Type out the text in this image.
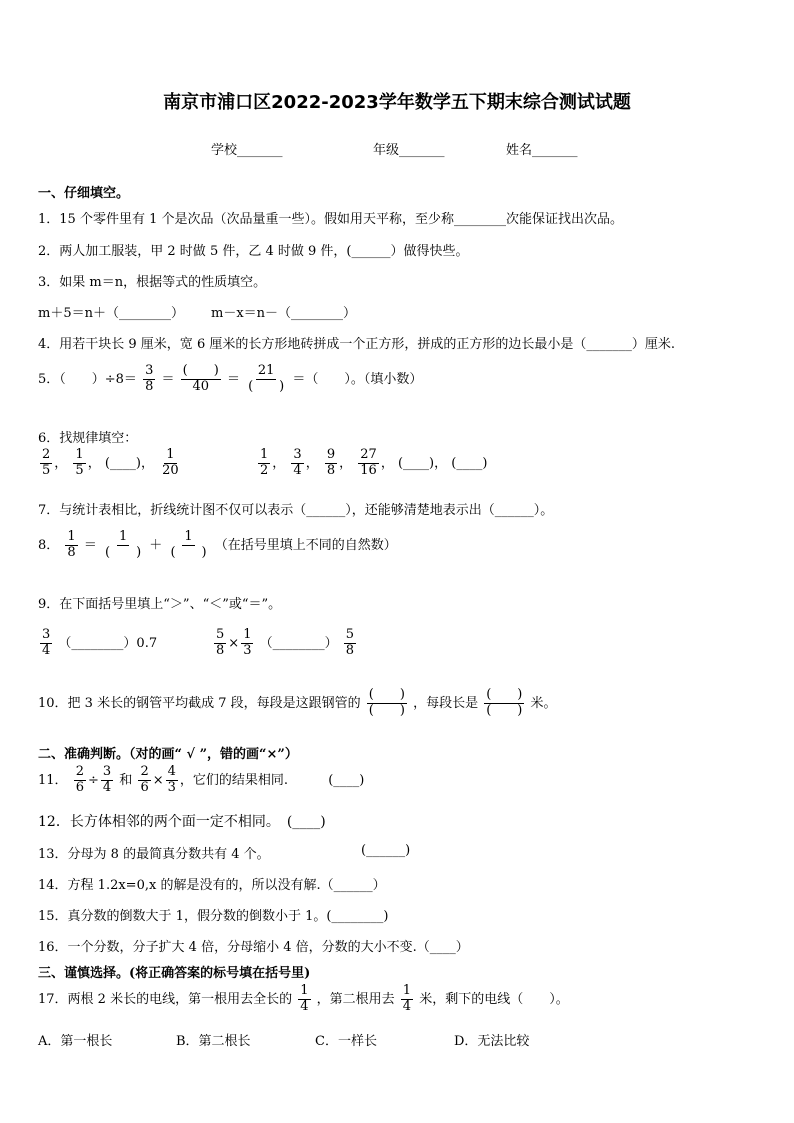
南京市浦口区2022-2023学年数学五下期末综合测试试题
学校_______	年级_______	姓名_______
一、仔细填空。
1．15 个零件里有 1 个是次品（次品量重一些）。假如用天平称，至少称________次能保证找出次品。
2．两人加工服装，甲 2 时做 5 件，乙 4 时做 9 件，(______）做得快些。
3．如果 m＝n，根据等式的性质填空。
m＋5＝n＋（________） m－x＝n－（________）
4．用若干块长 9 厘米，宽 6 厘米的长方形地砖拼成一个正方形，拼成的正方形的边长最小是（_______）厘米.
5．（　　）$\div 8= \frac{3}{8} = \frac{( )}{40} = \frac{21}{( )}$ ＝（　　）。（填小数）
6．找规律填空：
$\frac{2}{5}$ ， $\frac{1}{5}$ ， (____)， $\frac{1}{20}$	$\frac{1}{2}$ ， $\frac{3}{4}$ ， $\frac{9}{8}$ ， $\frac{27}{16}$ ， (____)， (____)
7．与统计表相比，折线统计图不仅可以表示（______），还能够清楚地表示出（______）。
8． $\frac{1}{8} = \frac{1}{( )} + \frac{1}{( )}$ （在括号里填上不同的自然数）
9．在下面括号里填上“＞”、“＜”或“＝”。
$\frac{3}{4}$ （________）0.7	$\frac{5}{8} \times \frac{1}{3}$ （________） $\frac{5}{8}$
10．把 3 米长的钢管平均截成 7 段，每段是这跟钢管的 $\frac{( )}{( )}$ ，每段长是 $\frac{( )}{( )}$ 米。
二、准确判断。（对的画“ √ ”，错的画“×”）
11． $\frac{2}{6} \div \frac{3}{4}$ 和 $\frac{2}{6} \times \frac{4}{3}$ ，它们的结果相同.	(____)
12．长方体相邻的两个面一定不相同。　(____)
13．分母为 8 的最简真分数共有 4 个。	(______)
14．方程 1.2x=0,x 的解是没有的，所以没有解.（______）
15．真分数的倒数大于 1，假分数的倒数小于 1。(________)
16．一个分数，分子扩大 4 倍，分母缩小 4 倍，分数的大小不变.（____）
三、谨慎选择。(将正确答案的标号填在括号里)
17．两根 2 米长的电线，第一根用去全长的 $\frac{1}{4}$ ，第二根用去 $\frac{1}{4}$ 米，剩下的电线（　　）。
A．第一根长	B．第二根长	C．一样长	D．无法比较
